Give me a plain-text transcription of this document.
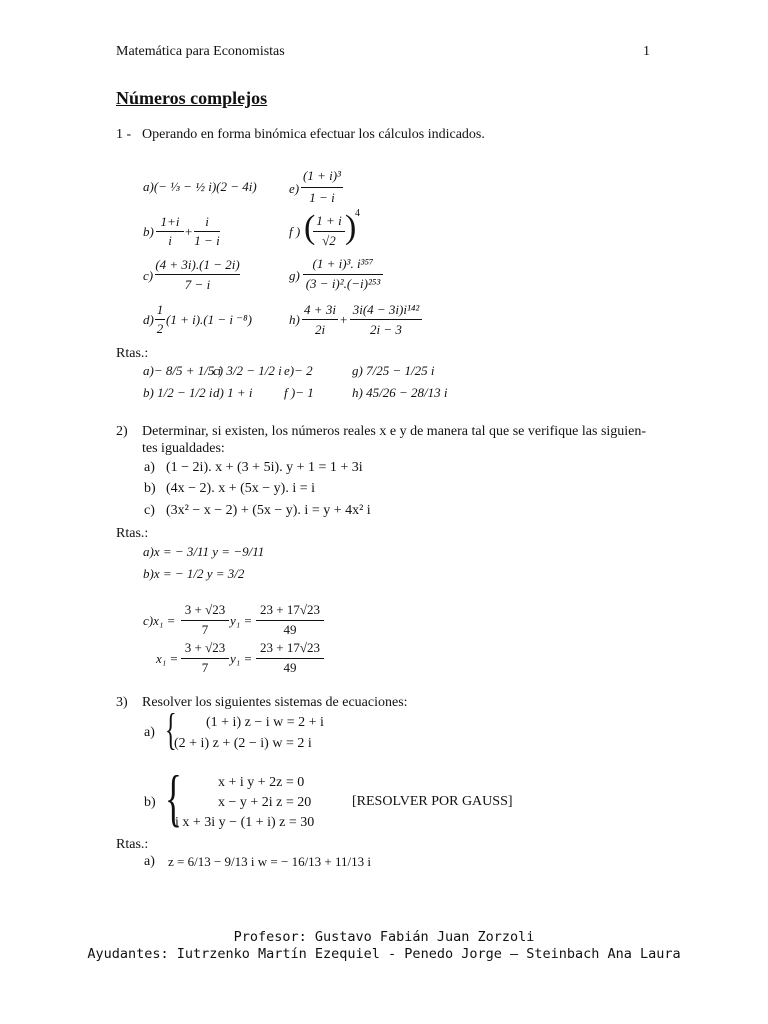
Matemática para Economistas	1
Números complejos
1 - Operando en forma binómica efectuar los cálculos indicados.
a)(− ⅓ − ½ i)(2 − 4i)
b)
1+i
i
+
i
1 − i
c)
(4 + 3i).(1 − 2i)
7 − i
d)
1
2
(1 + i).(1 − i ⁻⁸)
e)
(1 + i)³
1 − i
f ) ( 1 + i
√2 )
4
g)
(1 + i)³. i³⁵⁷
(3 − i)².(−i)²⁵³
h)
4 + 3i
2i
+
3i(4 − 3i)i¹⁴²
2i − 3
Rtas.:
a)− 8/5 + 1/5 i
c) 3/2 − 1/2 i e)− 2	g) 7/25 − 1/25 i
b) 1/2 − 1/2 i d) 1 + i f )− 1	h) 45/26 − 28/13 i
2) Determinar, si existen, los números reales x e y de manera tal que se verifique las siguien-
tes igualdades:
a) (1 − 2i). x + (3 + 5i). y + 1 = 1 + 3i
b) (4x − 2). x + (5x − y). i = i
c) (3x² − x − 2) + (5x − y). i = y + 4x² i
Rtas.:
a)x = − 3/11 y = −9/11
b)x = − 1/2 y = 3/2
c)x₁ =
3 + √23
7
y₁ =
23 + 17√23
49
x₁ =
3 + √23
7
y₁ =
23 + 17√23
49
3) Resolver los siguientes sistemas de ecuaciones:
a) { (1 + i) z − i w = 2 + i
(2 + i) z + (2 − i) w = 2 i
b) {	x + i y + 2z = 0
x − y + 2i z = 20
i x + 3i y − (1 + i) z = 30
[RESOLVER POR GAUSS]
Rtas.:
a) z = 6/13 − 9/13 i w = − 16/13 + 11/13 i
Profesor: Gustavo Fabián Juan Zorzoli
Ayudantes: Iutrzenko Martín Ezequiel - Penedo Jorge – Steinbach Ana Laura
